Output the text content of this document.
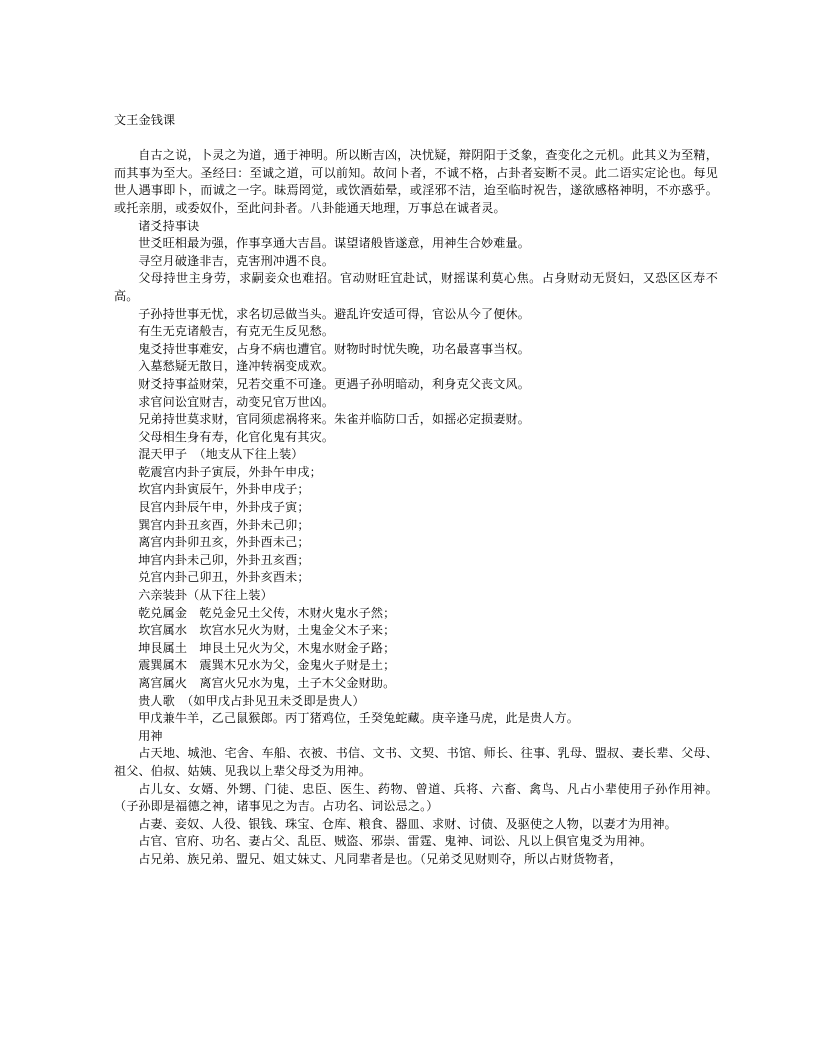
文王金钱课

自古之说，卜灵之为道，通于神明。所以断吉凶，决忧疑，辩阴阳于爻象，查变化之元机。此其义为至精，而其事为至大。圣经曰：至诚之道，可以前知。故问卜者，不诚不格，占卦者妄断不灵。此二语实定论也。每见世人遇事即卜，而诚之一字。昧焉罔觉，或饮酒茹晕，或淫邪不洁，迨至临时祝告，遂欲感格神明，不亦惑乎。或托亲朋，或委奴仆，至此问卦者。八卦能通天地理，万事总在诚者灵。

诸爻持事诀

世爻旺相最为强，作事享通大吉昌。谋望诸般皆遂意，用神生合妙难量。

寻空月破逢非吉，克害刑冲遇不良。

父母持世主身劳，求嗣妾众也难招。官动财旺宜赴试，财摇谋利莫心焦。占身财动无贤妇，又恐区区寿不高。

子孙持世事无忧，求名切忌做当头。避乱许安适可得，官讼从今了便休。

有生无克诸般吉，有克无生反见愁。

鬼爻持世事难安，占身不病也遭官。财物时时忧失晚，功名最喜事当权。

入墓愁疑无散日，逢冲转祸变成欢。

财爻持事益财荣，兄若交重不可逢。更遇子孙明暗动，利身克父丧文风。

求官问讼宜财吉，动变兄官万世凶。

兄弟持世莫求财，官同须虑祸将来。朱雀并临防口舌，如摇必定损妻财。

父母相生身有寿，化官化鬼有其灾。

混天甲子　（地支从下往上装）

乾震宫内卦子寅辰，外卦午申戌；

坎宫内卦寅辰午，外卦申戌子；

艮宫内卦辰午申，外卦戌子寅；

巽宫内卦丑亥酉，外卦未己卯；

离宫内卦卯丑亥，外卦酉未己；

坤宫内卦未己卯，外卦丑亥酉；

兑宫内卦己卯丑，外卦亥酉未；

六亲装卦（从下往上装）

乾兑属金　乾兑金兄土父传，木财火鬼水子然；

坎宫属水　坎宫水兄火为财，土鬼金父木子来；

坤艮属土　坤艮土兄火为父，木鬼水财金子路；

震巽属木　震巽木兄水为父，金鬼火子财是土；

离宫属火　离宫火兄水为鬼，土子木父金财助。

贵人歌　（如甲戊占卦见丑未爻即是贵人）

甲戊兼牛羊，乙己鼠猴郎。丙丁猪鸡位，壬癸兔蛇藏。庚辛逢马虎，此是贵人方。

用神

占天地、城池、宅舍、车船、衣被、书信、文书、文契、书馆、师长、往事、乳母、盟叔、妻长辈、父母、祖父、伯叔、姑姨、见我以上辈父母爻为用神。

占儿女、女婿、外甥、门徒、忠臣、医生、药物、曾道、兵将、六畜、禽鸟、凡占小辈使用子孙作用神。（子孙即是福德之神，诸事见之为吉。占功名、词讼忌之。）

占妻、妾奴、人役、银钱、珠宝、仓库、粮食、器皿、求财、讨债、及驱使之人物，以妻才为用神。

占官、官府、功名、妻占父、乱臣、贼盗、邪崇、雷霆、鬼神、词讼、凡以上俱官鬼爻为用神。

占兄弟、族兄弟、盟兄、姐丈妹丈、凡同辈者是也。（兄弟爻见财则夺，所以占财货物者，
